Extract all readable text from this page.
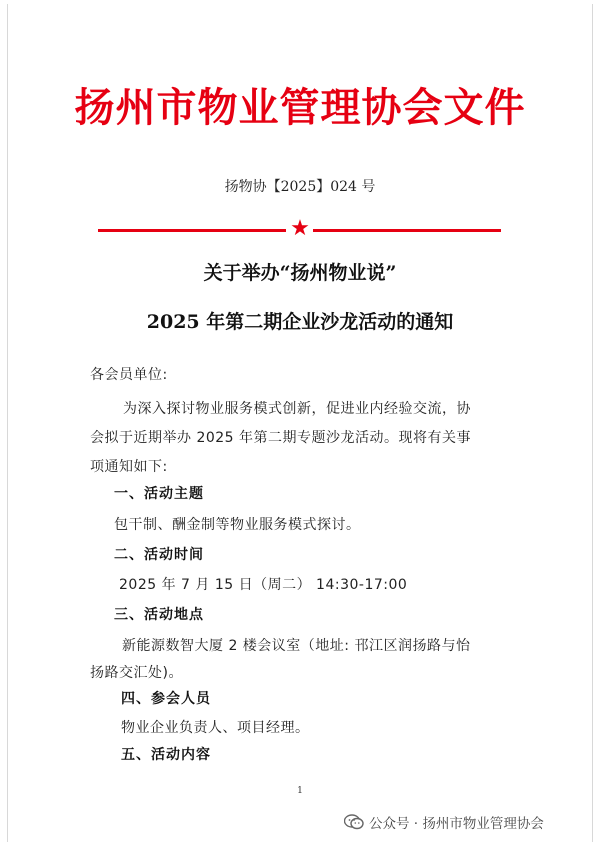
扬州市物业管理协会文件
扬物协【2025】024 号
★
关于举办“扬州物业说”
2025 年第二期企业沙龙活动的通知
各会员单位:
为深入探讨物业服务模式创新，促进业内经验交流，协
会拟于近期举办 2025 年第二期专题沙龙活动。现将有关事
项通知如下:
一、活动主题
包干制、酬金制等物业服务模式探讨。
二、活动时间
2025 年 7 月 15 日（周二） 14:30-17:00
三、活动地点
新能源数智大厦 2 楼会议室（地址: 邗江区润扬路与怡
扬路交汇处)。
四、参会人员
物业企业负责人、项目经理。
五、活动内容
1
公众号 · 扬州市物业管理协会
